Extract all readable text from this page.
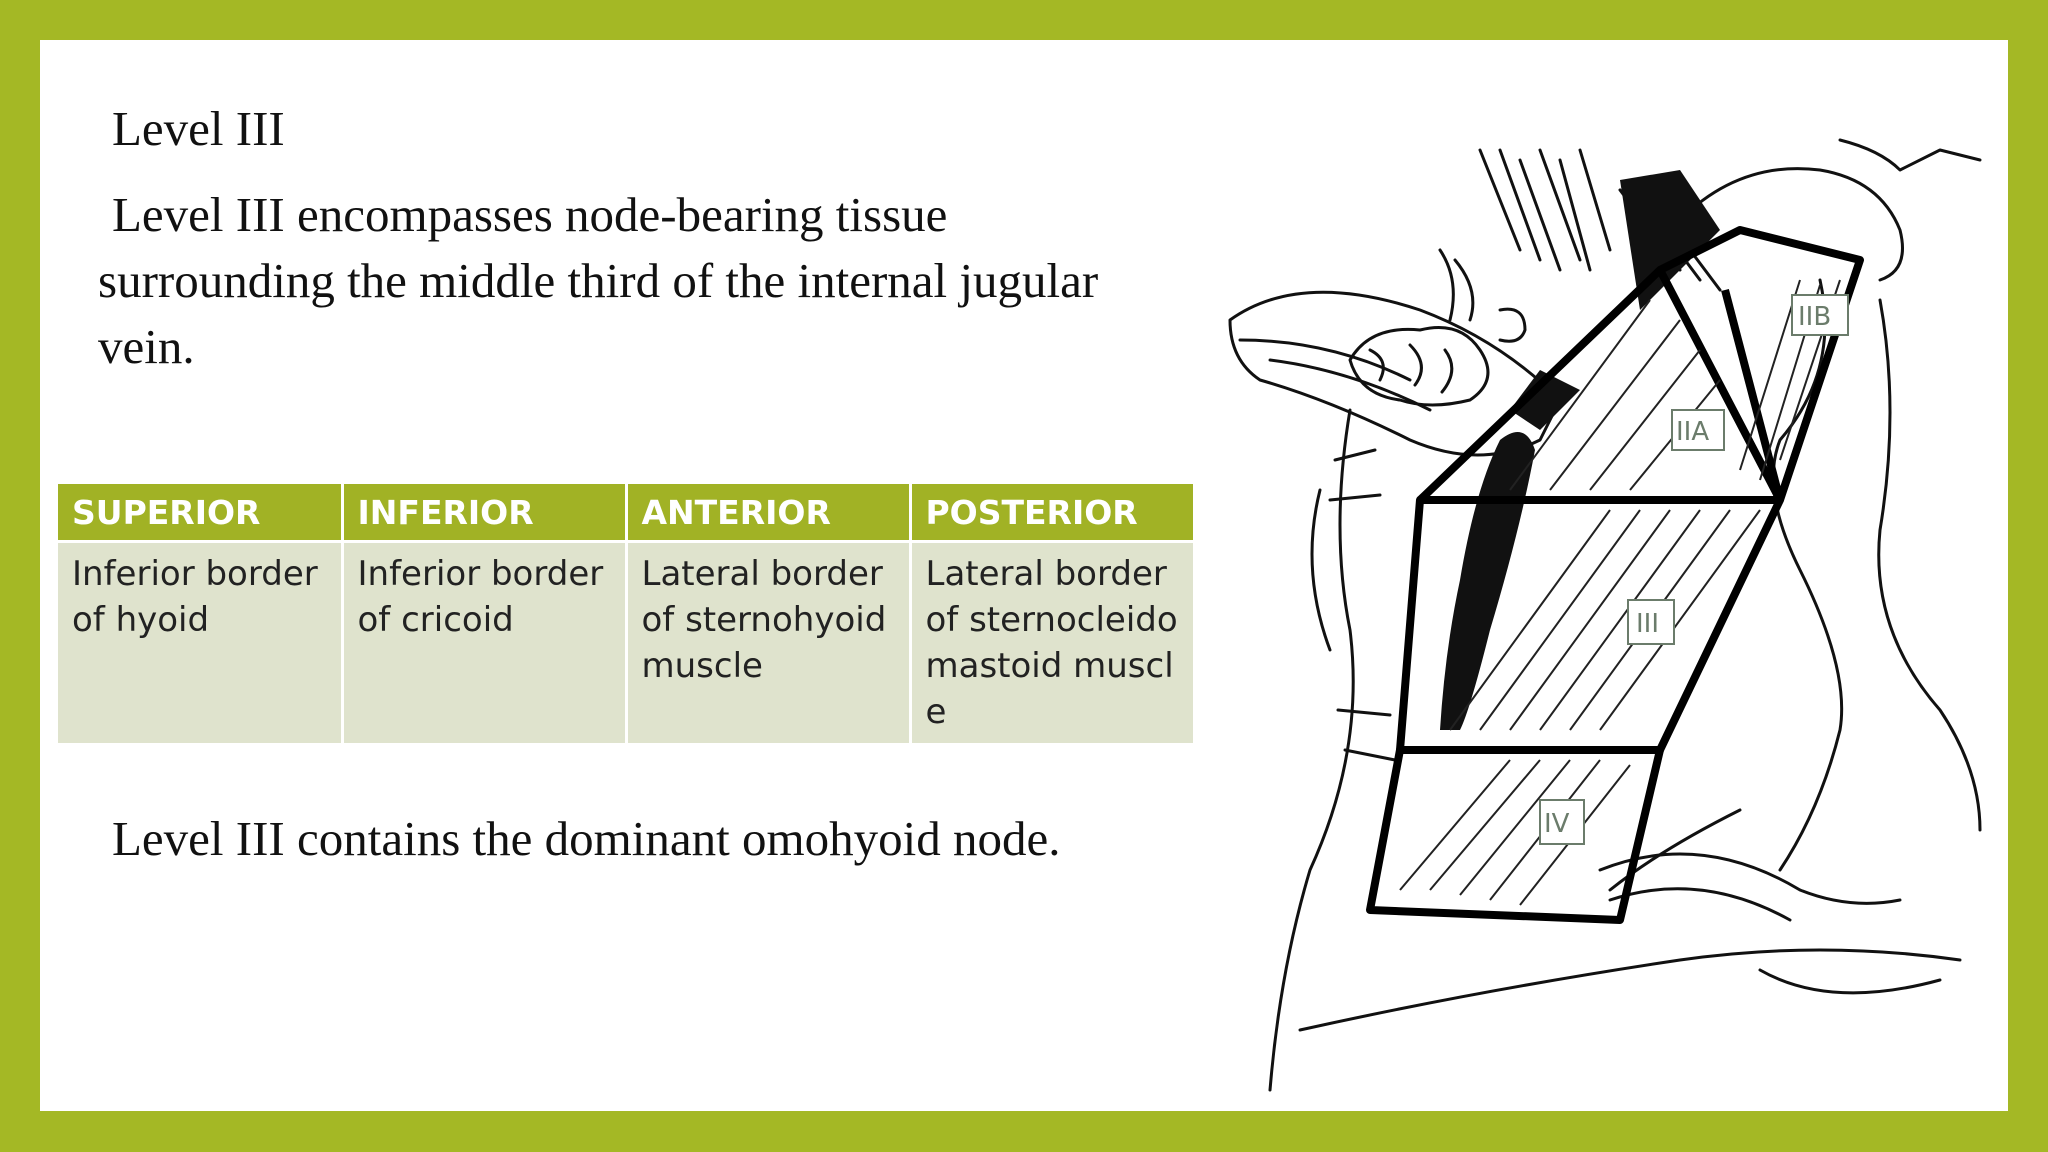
Level III
Level III encompasses node-bearing tissue
surrounding the middle third of the internal jugular
vein.
SUPERIOR	INFERIOR	ANTERIOR	POSTERIOR
Inferior border of hyoid	Inferior border of cricoid	Lateral border of sternohyoid muscle	Lateral border of sternocleidomastoid muscle
Level III contains the dominant omohyoid node.
IIB
IIA
III
IV
